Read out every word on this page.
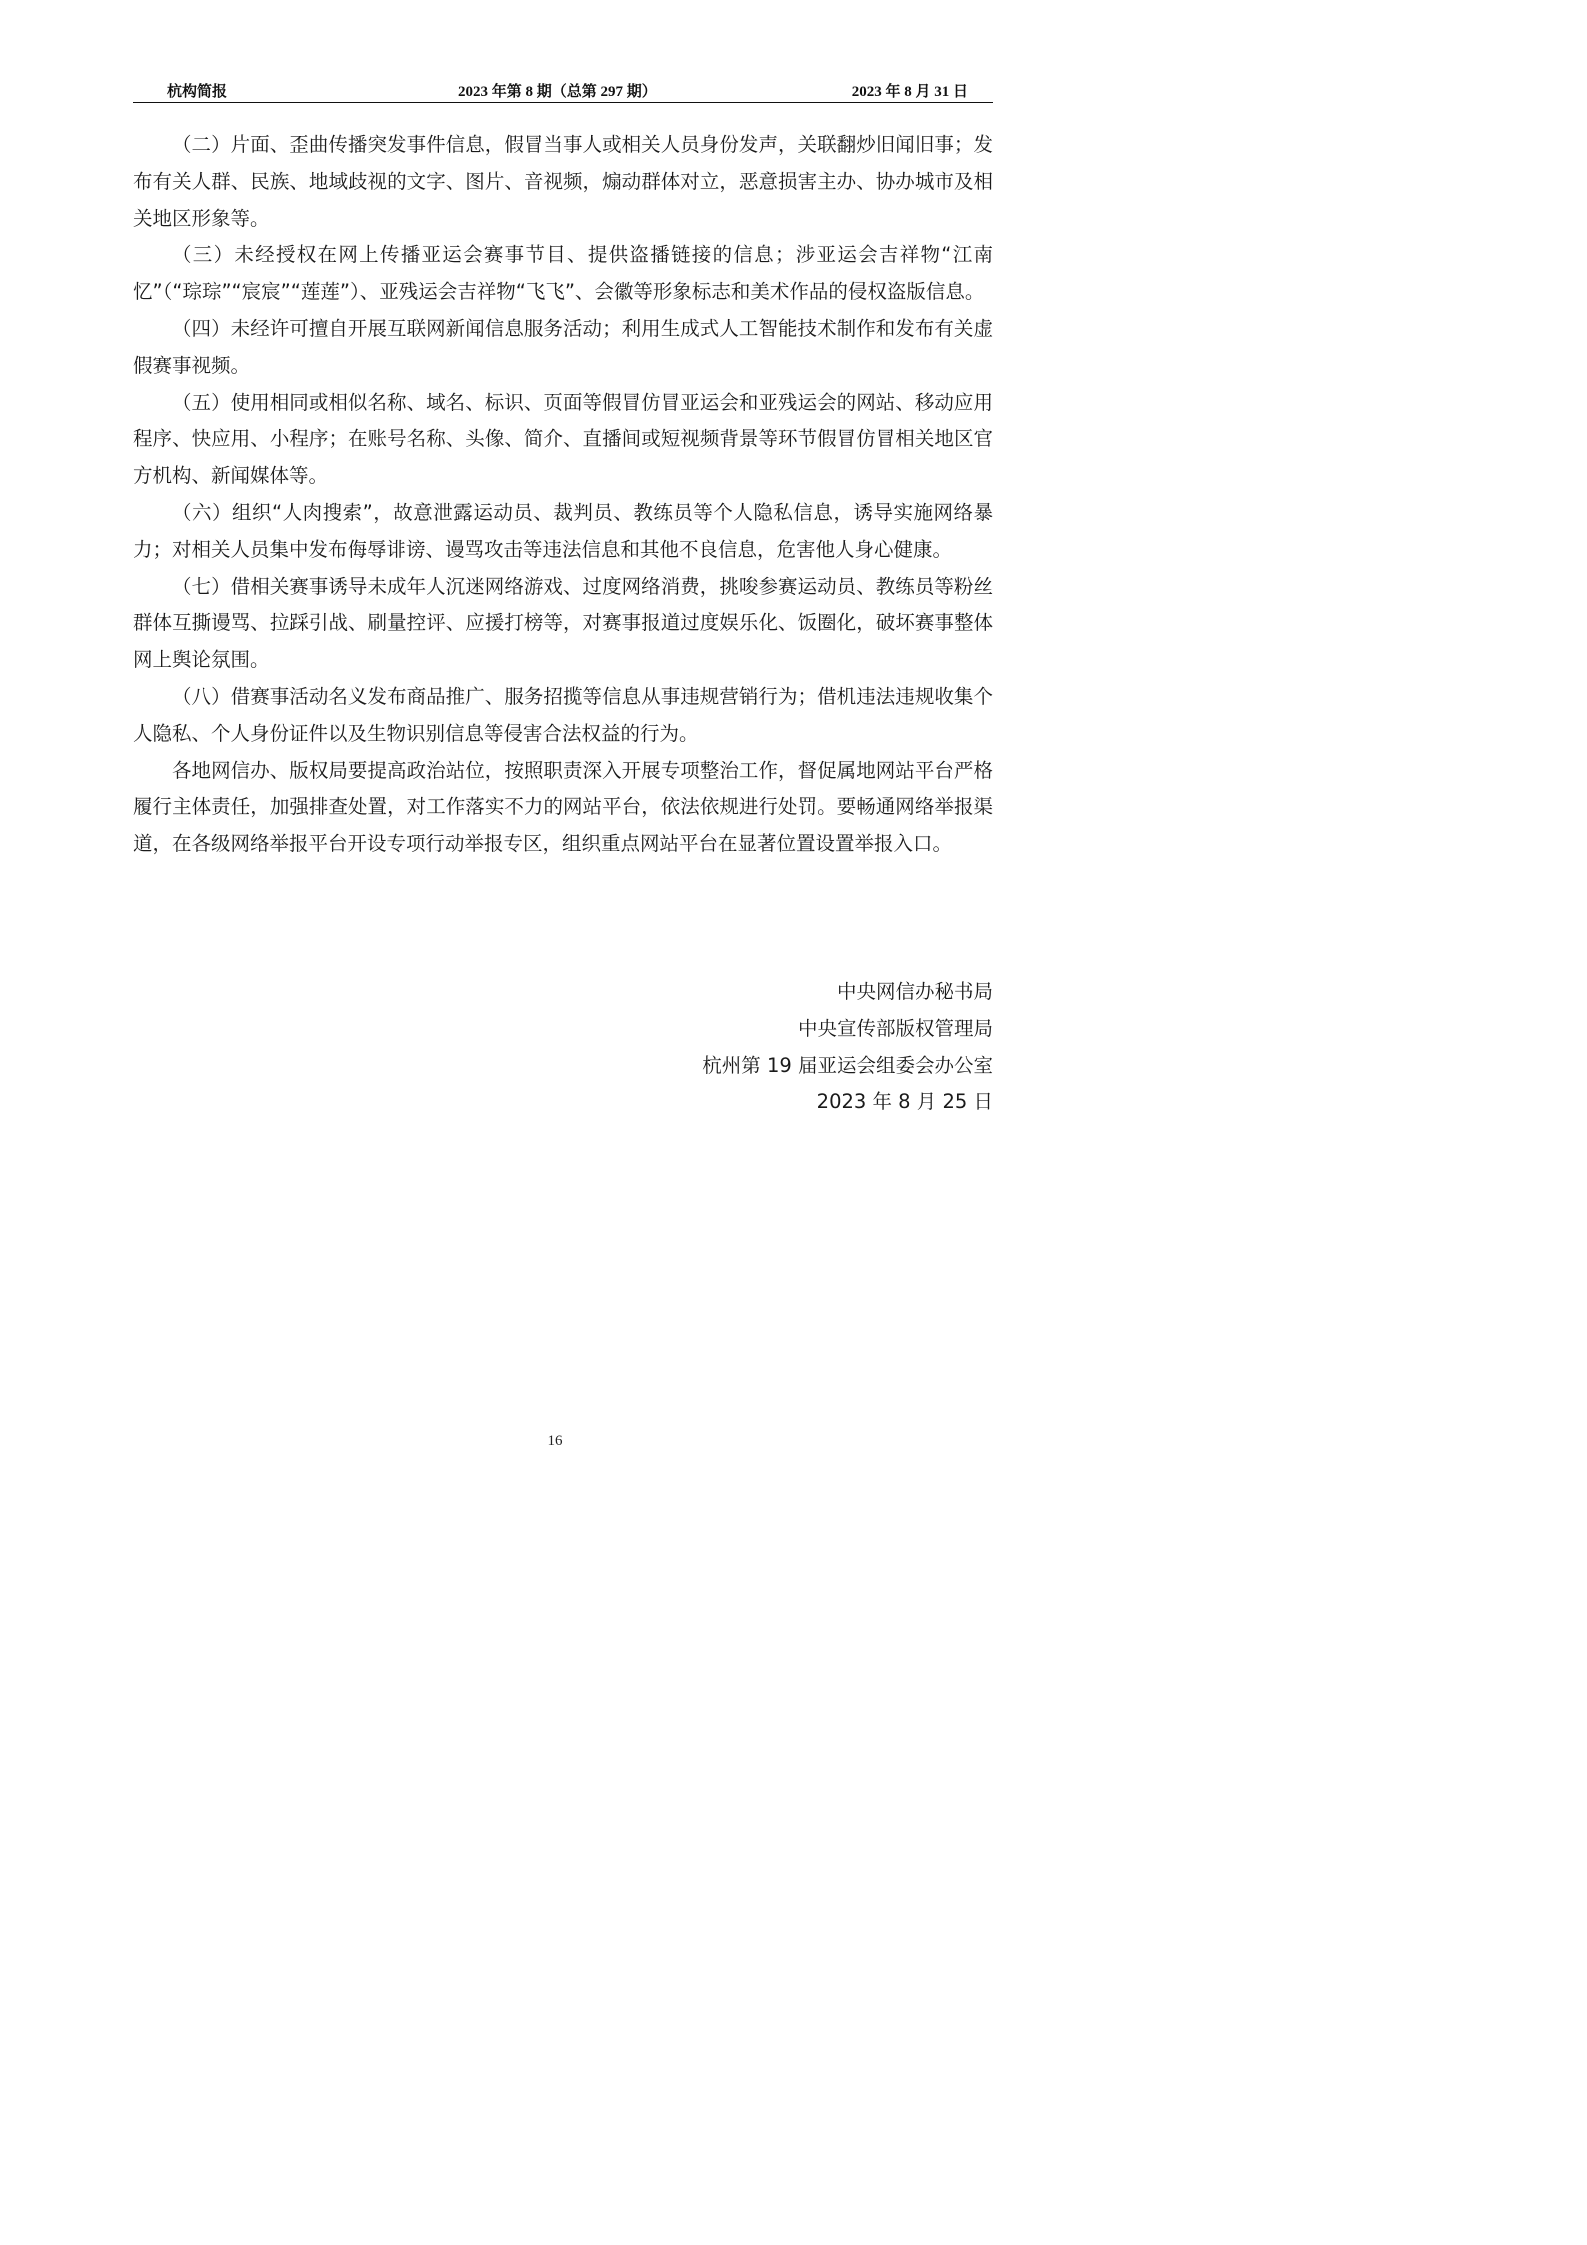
杭构简报	2023 年第 8 期（总第 297 期）	2023 年 8 月 31 日

（二）片面、歪曲传播突发事件信息，假冒当事人或相关人员身份发声，关联翻炒旧闻旧事；发布有关人群、民族、地域歧视的文字、图片、音视频，煽动群体对立，恶意损害主办、协办城市及相关地区形象等。

（三）未经授权在网上传播亚运会赛事节目、提供盗播链接的信息；涉亚运会吉祥物“江南忆”（“琮琮”“宸宸”“莲莲”）、亚残运会吉祥物“飞飞”、会徽等形象标志和美术作品的侵权盗版信息。

（四）未经许可擅自开展互联网新闻信息服务活动；利用生成式人工智能技术制作和发布有关虚假赛事视频。

（五）使用相同或相似名称、域名、标识、页面等假冒仿冒亚运会和亚残运会的网站、移动应用程序、快应用、小程序；在账号名称、头像、简介、直播间或短视频背景等环节假冒仿冒相关地区官方机构、新闻媒体等。

（六）组织“人肉搜索”，故意泄露运动员、裁判员、教练员等个人隐私信息，诱导实施网络暴力；对相关人员集中发布侮辱诽谤、谩骂攻击等违法信息和其他不良信息，危害他人身心健康。

（七）借相关赛事诱导未成年人沉迷网络游戏、过度网络消费，挑唆参赛运动员、教练员等粉丝群体互撕谩骂、拉踩引战、刷量控评、应援打榜等，对赛事报道过度娱乐化、饭圈化，破坏赛事整体网上舆论氛围。

（八）借赛事活动名义发布商品推广、服务招揽等信息从事违规营销行为；借机违法违规收集个人隐私、个人身份证件以及生物识别信息等侵害合法权益的行为。

各地网信办、版权局要提高政治站位，按照职责深入开展专项整治工作，督促属地网站平台严格履行主体责任，加强排查处置，对工作落实不力的网站平台，依法依规进行处罚。要畅通网络举报渠道，在各级网络举报平台开设专项行动举报专区，组织重点网站平台在显著位置设置举报入口。

中央网信办秘书局
中央宣传部版权管理局
杭州第 19 届亚运会组委会办公室
2023 年 8 月 25 日
16
